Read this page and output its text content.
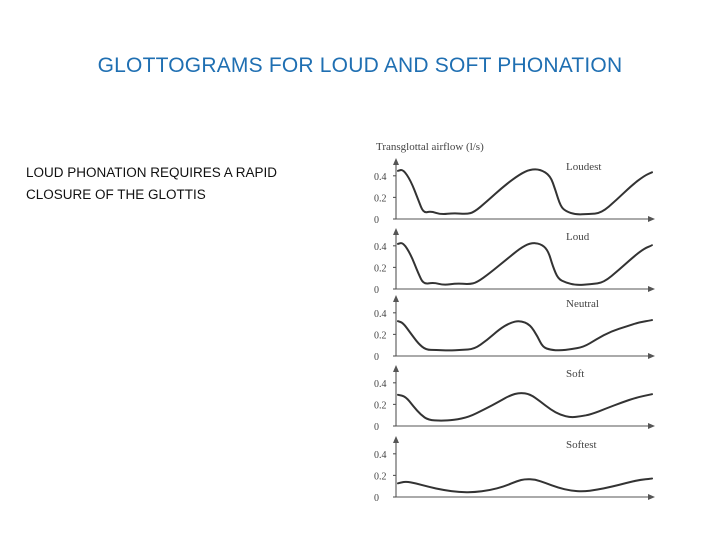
GLOTTOGRAMS FOR LOUD AND SOFT PHONATION
LOUD PHONATION REQUIRES A RAPID CLOSURE OF THE GLOTTIS
Transglottal airflow (l/s)
0.4
0.2
0
Loudest
0.4
0.2
0
Loud
0.4
0.2
0
Neutral
0.4
0.2
0
Soft
0.4
0.2
0
Softest
